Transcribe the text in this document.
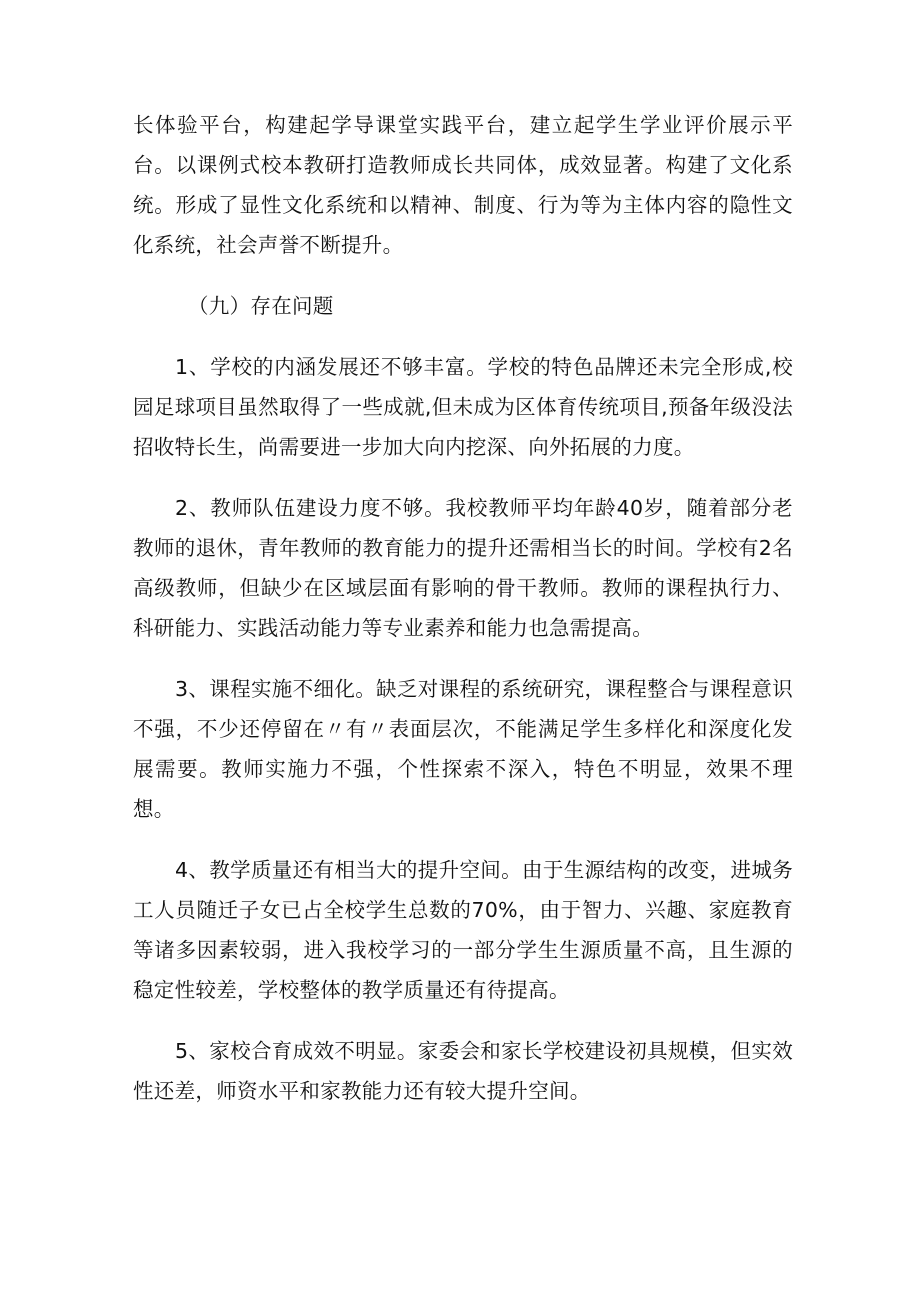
长体验平台，构建起学导课堂实践平台，建立起学生学业评价展示平台。以课例式校本教研打造教师成长共同体，成效显著。构建了文化系统。形成了显性文化系统和以精神、制度、行为等为主体内容的隐性文化系统，社会声誉不断提升。

（九）存在问题

1、学校的内涵发展还不够丰富。学校的特色品牌还未完全形成,校园足球项目虽然取得了一些成就,但未成为区体育传统项目,预备年级没法招收特长生，尚需要进一步加大向内挖深、向外拓展的力度。

2、教师队伍建设力度不够。我校教师平均年龄40岁，随着部分老教师的退休，青年教师的教育能力的提升还需相当长的时间。学校有2名高级教师，但缺少在区域层面有影响的骨干教师。教师的课程执行力、科研能力、实践活动能力等专业素养和能力也急需提高。

3、课程实施不细化。缺乏对课程的系统研究，课程整合与课程意识不强，不少还停留在〃有〃表面层次，不能满足学生多样化和深度化发展需要。教师实施力不强，个性探索不深入，特色不明显，效果不理想。

4、教学质量还有相当大的提升空间。由于生源结构的改变，进城务工人员随迁子女已占全校学生总数的70%，由于智力、兴趣、家庭教育等诸多因素较弱，进入我校学习的一部分学生生源质量不高，且生源的稳定性较差，学校整体的教学质量还有待提高。

5、家校合育成效不明显。家委会和家长学校建设初具规模，但实效性还差，师资水平和家教能力还有较大提升空间。
